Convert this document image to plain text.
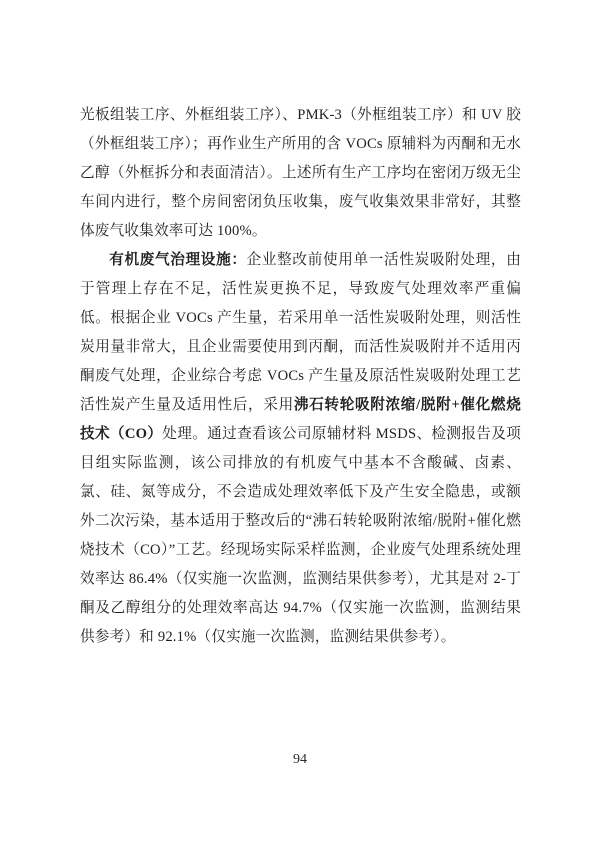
光板组装工序、外框组装工序）、PMK-3（外框组装工序）和 UV 胶（外框组装工序）；再作业生产所用的含 VOCs 原辅料为丙酮和无水乙醇（外框拆分和表面清洁）。上述所有生产工序均在密闭万级无尘车间内进行，整个房间密闭负压收集，废气收集效果非常好，其整体废气收集效率可达 100%。

有机废气治理设施：企业整改前使用单一活性炭吸附处理，由于管理上存在不足，活性炭更换不足，导致废气处理效率严重偏低。根据企业 VOCs 产生量，若采用单一活性炭吸附处理，则活性炭用量非常大，且企业需要使用到丙酮，而活性炭吸附并不适用丙酮废气处理，企业综合考虑 VOCs 产生量及原活性炭吸附处理工艺活性炭产生量及适用性后，采用沸石转轮吸附浓缩/脱附+催化燃烧技术（CO）处理。通过查看该公司原辅材料 MSDS、检测报告及项目组实际监测，该公司排放的有机废气中基本不含酸碱、卤素、氯、硅、氮等成分，不会造成处理效率低下及产生安全隐患，或额外二次污染，基本适用于整改后的“沸石转轮吸附浓缩/脱附+催化燃烧技术（CO）”工艺。经现场实际采样监测，企业废气处理系统处理效率达 86.4%（仅实施一次监测，监测结果供参考），尤其是对 2-丁酮及乙醇组分的处理效率高达 94.7%（仅实施一次监测，监测结果供参考）和 92.1%（仅实施一次监测，监测结果供参考）。

94
